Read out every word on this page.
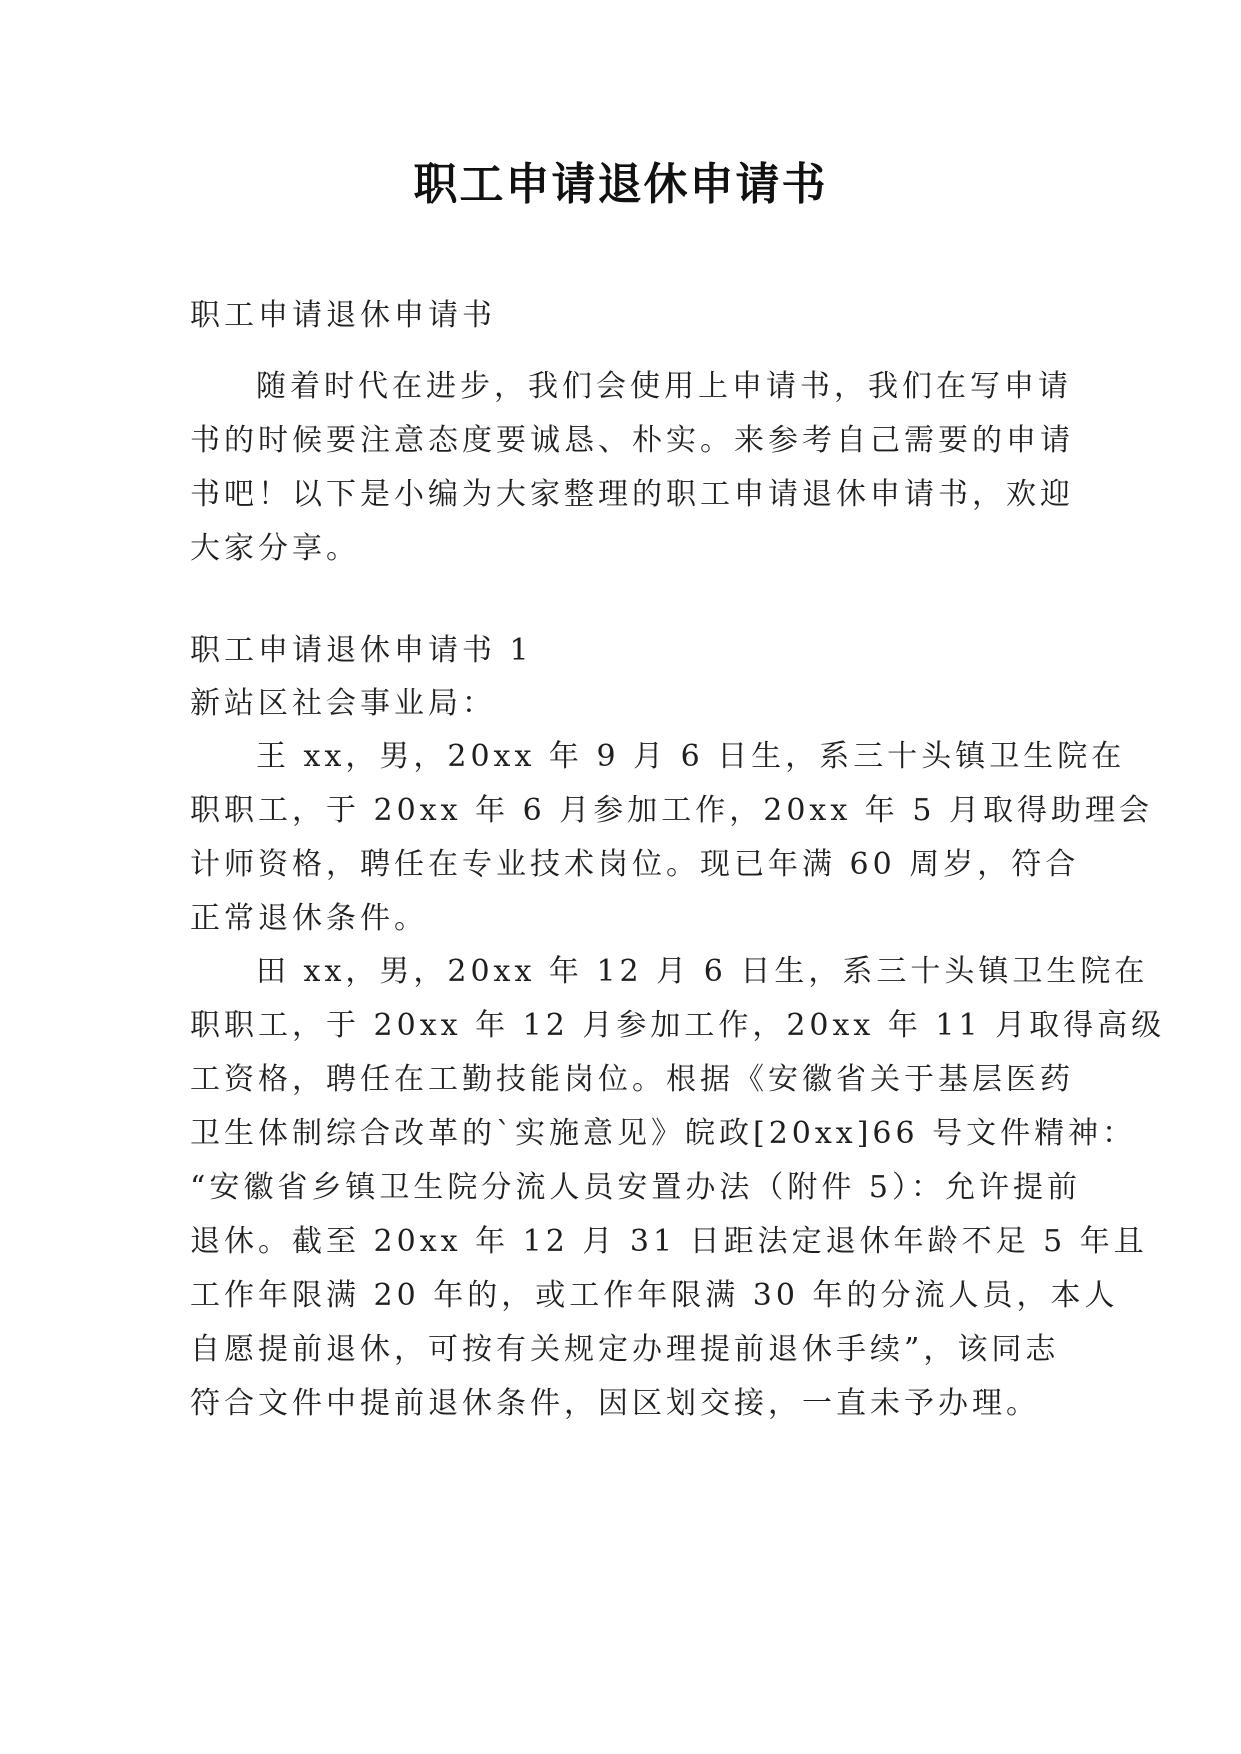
职工申请退休申请书
职工申请退休申请书
随着时代在进步，我们会使用上申请书，我们在写申请
书的时候要注意态度要诚恳、朴实。来参考自己需要的申请
书吧！以下是小编为大家整理的职工申请退休申请书，欢迎
大家分享。
职工申请退休申请书 1
新站区社会事业局：
王 xx，男，20xx 年 9 月 6 日生，系三十头镇卫生院在
职职工，于 20xx 年 6 月参加工作，20xx 年 5 月取得助理会
计师资格，聘任在专业技术岗位。现已年满 60 周岁，符合
正常退休条件。
田 xx，男，20xx 年 12 月 6 日生，系三十头镇卫生院在
职职工，于 20xx 年 12 月参加工作，20xx 年 11 月取得高级
工资格，聘任在工勤技能岗位。根据《安徽省关于基层医药
卫生体制综合改革的`实施意见》皖政[20xx]66 号文件精神：
“安徽省乡镇卫生院分流人员安置办法（附件 5）：允许提前
退休。截至 20xx 年 12 月 31 日距法定退休年龄不足 5 年且
工作年限满 20 年的，或工作年限满 30 年的分流人员，本人
自愿提前退休，可按有关规定办理提前退休手续”，该同志
符合文件中提前退休条件，因区划交接，一直未予办理。
